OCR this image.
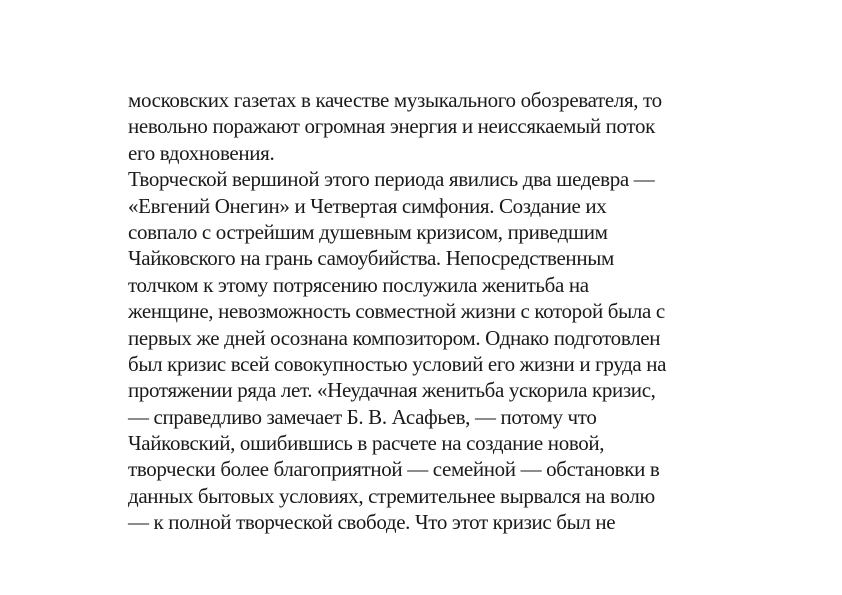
московских газетах в качестве музыкального обозревателя, то
невольно поражают огромная энергия и неиссякаемый поток
его вдохновения.
Творческой вершиной этого периода явились два шедевра —
«Евгений Онегин» и Четвертая симфония. Создание их
совпало с острейшим душевным кризисом, приведшим
Чайковского на грань самоубийства. Непосредственным
толчком к этому потрясению послужила женитьба на
женщине, невозможность совместной жизни с которой была с
первых же дней осознана композитором. Однако подготовлен
был кризис всей совокупностью условий его жизни и груда на
протяжении ряда лет. «Неудачная женитьба ускорила кризис,
— справедливо замечает Б. В. Асафьев, — потому что
Чайковский, ошибившись в расчете на создание новой,
творчески более благоприятной — семейной — обстановки в
данных бытовых условиях, стремительнее вырвался на волю
— к полной творческой свободе. Что этот кризис был не
